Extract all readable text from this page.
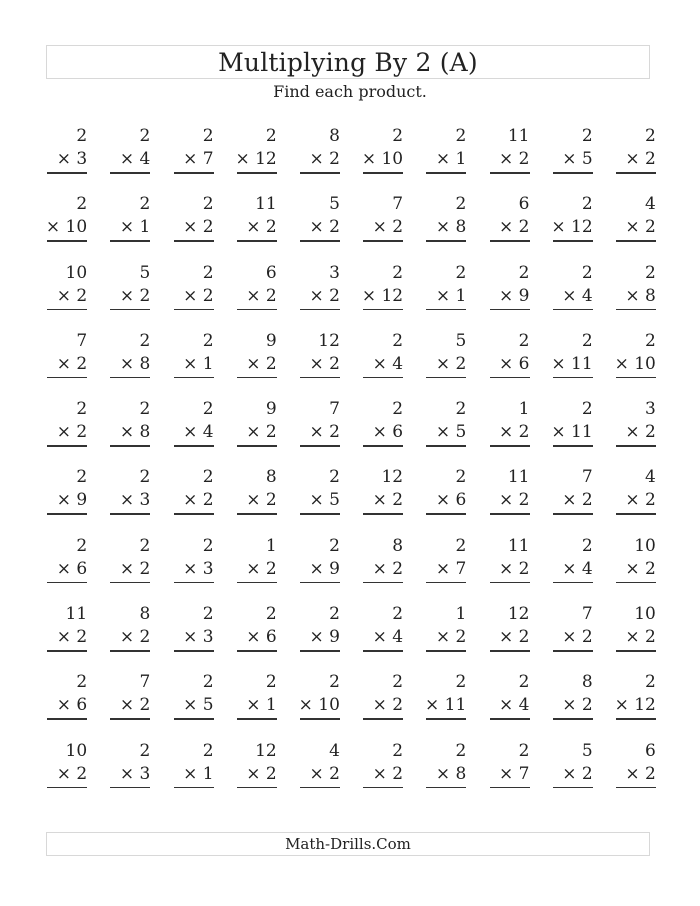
Multiplying By 2 (A)
Find each product.
2
× 3
2
× 4
2
× 7
2
× 12
8
× 2
2
× 10
2
× 1
11
× 2
2
× 5
2
× 2
2
× 10
2
× 1
2
× 2
11
× 2
5
× 2
7
× 2
2
× 8
6
× 2
2
× 12
4
× 2
10
× 2
5
× 2
2
× 2
6
× 2
3
× 2
2
× 12
2
× 1
2
× 9
2
× 4
2
× 8
7
× 2
2
× 8
2
× 1
9
× 2
12
× 2
2
× 4
5
× 2
2
× 6
2
× 11
2
× 10
2
× 2
2
× 8
2
× 4
9
× 2
7
× 2
2
× 6
2
× 5
1
× 2
2
× 11
3
× 2
2
× 9
2
× 3
2
× 2
8
× 2
2
× 5
12
× 2
2
× 6
11
× 2
7
× 2
4
× 2
2
× 6
2
× 2
2
× 3
1
× 2
2
× 9
8
× 2
2
× 7
11
× 2
2
× 4
10
× 2
11
× 2
8
× 2
2
× 3
2
× 6
2
× 9
2
× 4
1
× 2
12
× 2
7
× 2
10
× 2
2
× 6
7
× 2
2
× 5
2
× 1
2
× 10
2
× 2
2
× 11
2
× 4
8
× 2
2
× 12
10
× 2
2
× 3
2
× 1
12
× 2
4
× 2
2
× 2
2
× 8
2
× 7
5
× 2
6
× 2
Math-Drills.Com
